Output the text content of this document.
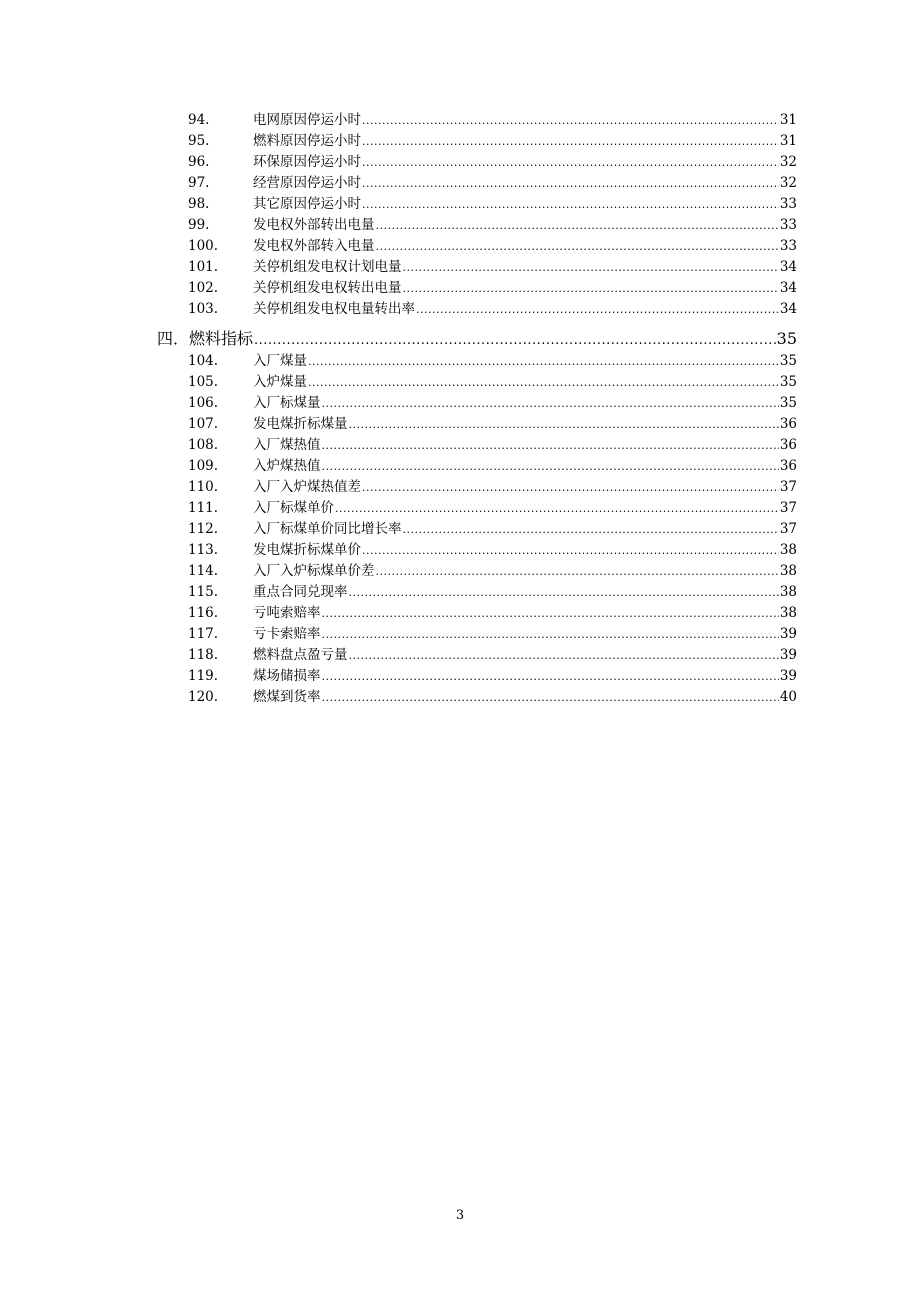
94.	电网原因停运小时 .....	31
95.	燃料原因停运小时 .....	31
96.	环保原因停运小时 .....	32
97.	经营原因停运小时 .....	32
98.	其它原因停运小时 .....	33
99.	发电权外部转出电量 .....	33
100.	发电权外部转入电量 .....	33
101.	关停机组发电权计划电量 .....	34
102.	关停机组发电权转出电量 .....	34
103.	关停机组发电权电量转出率 .....	34
四．燃料指标 .....	35
104.	入厂煤量 .....	35
105.	入炉煤量 .....	35
106.	入厂标煤量 .....	35
107.	发电煤折标煤量 .....	36
108.	入厂煤热值 .....	36
109.	入炉煤热值 .....	36
110.	入厂入炉煤热值差 .....	37
111.	入厂标煤单价 .....	37
112.	入厂标煤单价同比增长率 .....	37
113.	发电煤折标煤单价 .....	38
114.	入厂入炉标煤单价差 .....	38
115.	重点合同兑现率 .....	38
116.	亏吨索赔率 .....	38
117.	亏卡索赔率 .....	39
118.	燃料盘点盈亏量 .....	39
119.	煤场储损率 .....	39
120.	燃煤到货率 .....	40
3
